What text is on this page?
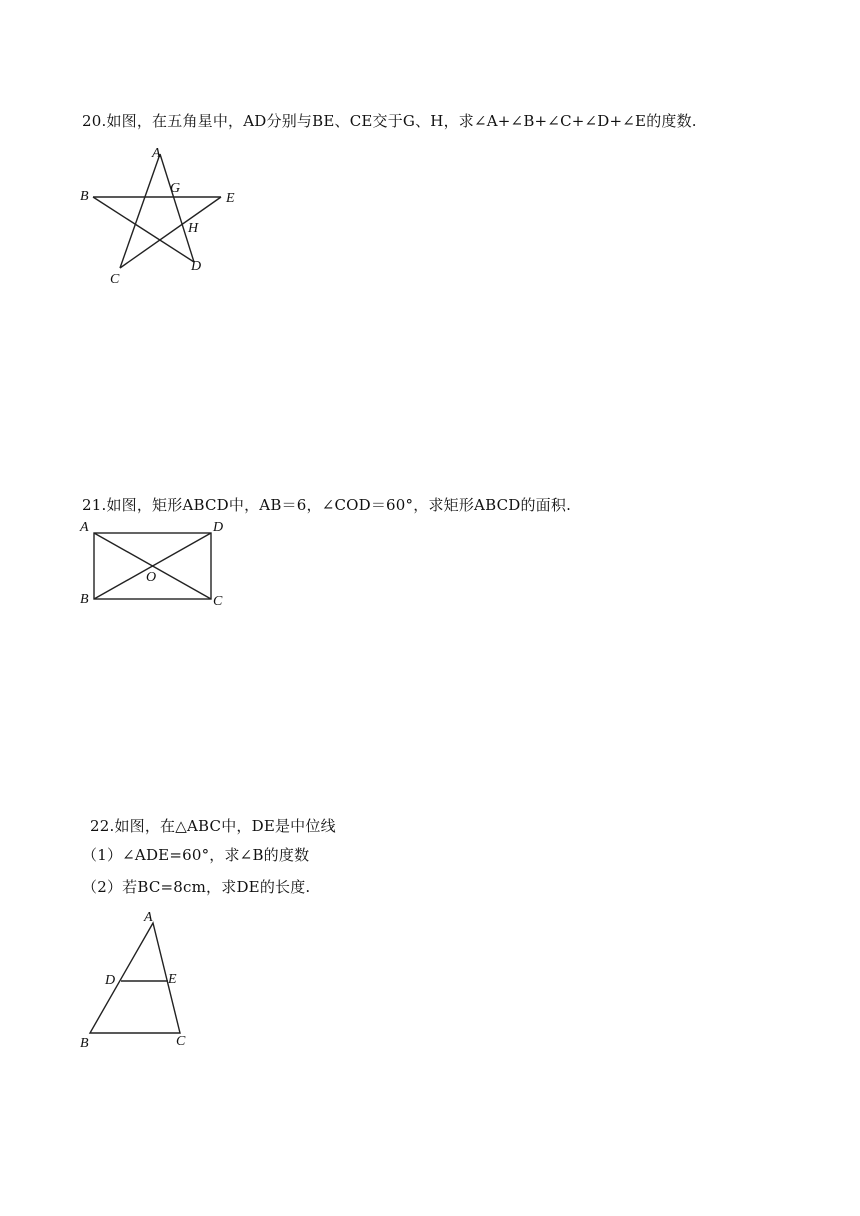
20.如图，在五角星中，AD分别与BE、CE交于G、H，求∠A+∠B+∠C+∠D+∠E的度数.
A
B
G
E
H
C
D
21.如图，矩形ABCD中，AB＝6，∠COD＝60°，求矩形ABCD的面积.
A	D
O
B	C
22.如图，在△ABC中，DE是中位线
（1）∠ADE=60°，求∠B的度数
（2）若BC=8cm，求DE的长度.
A
D	E
B	C
